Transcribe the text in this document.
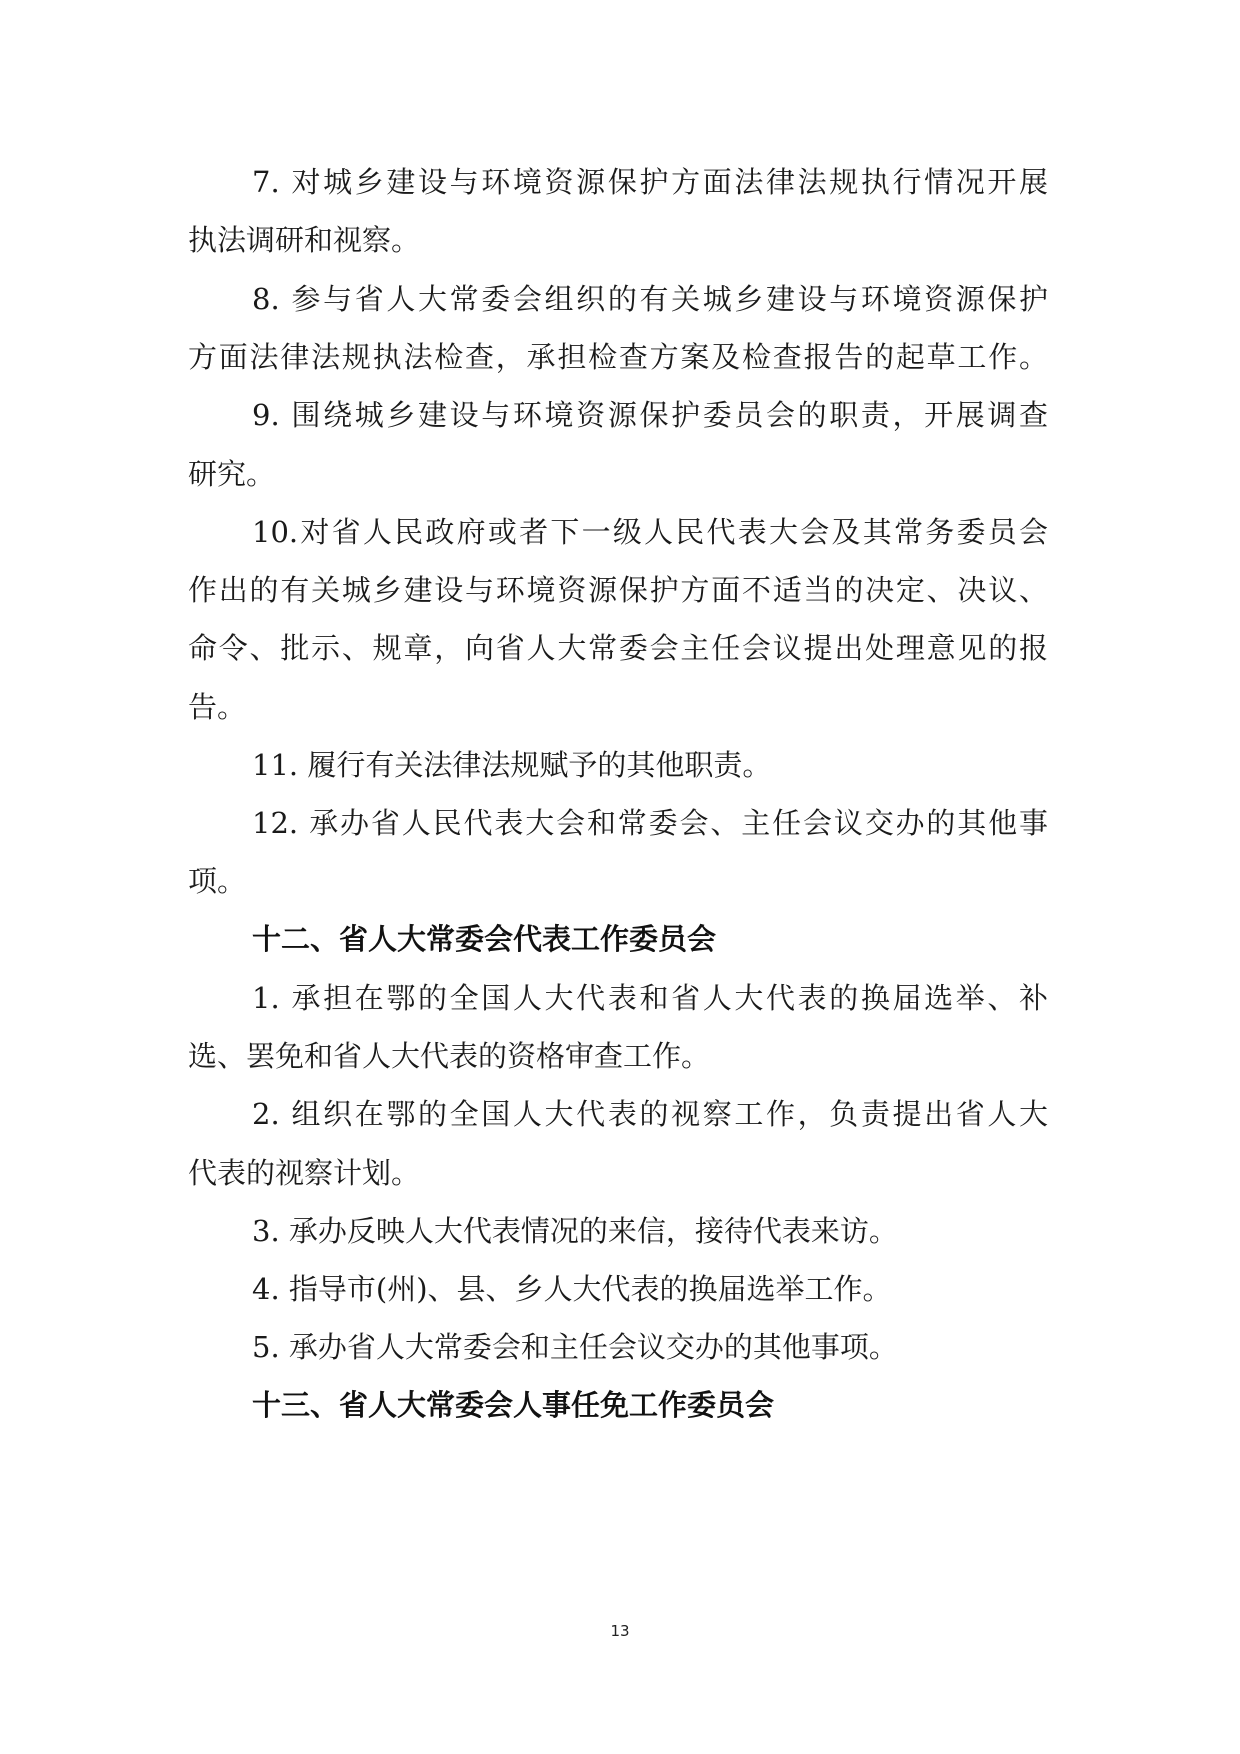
7. 对城乡建设与环境资源保护方面法律法规执行情况开展
执法调研和视察。
8. 参与省人大常委会组织的有关城乡建设与环境资源保护
方面法律法规执法检查，承担检查方案及检查报告的起草工作。
9. 围绕城乡建设与环境资源保护委员会的职责，开展调查
研究。
10.对省人民政府或者下一级人民代表大会及其常务委员会
作出的有关城乡建设与环境资源保护方面不适当的决定、决议、
命令、批示、规章，向省人大常委会主任会议提出处理意见的报
告。
11. 履行有关法律法规赋予的其他职责。
12. 承办省人民代表大会和常委会、主任会议交办的其他事
项。
十二、省人大常委会代表工作委员会
1. 承担在鄂的全国人大代表和省人大代表的换届选举、补
选、罢免和省人大代表的资格审查工作。
2. 组织在鄂的全国人大代表的视察工作，负责提出省人大
代表的视察计划。
3. 承办反映人大代表情况的来信，接待代表来访。
4. 指导市(州)、县、乡人大代表的换届选举工作。
5. 承办省人大常委会和主任会议交办的其他事项。
十三、省人大常委会人事任免工作委员会
13
